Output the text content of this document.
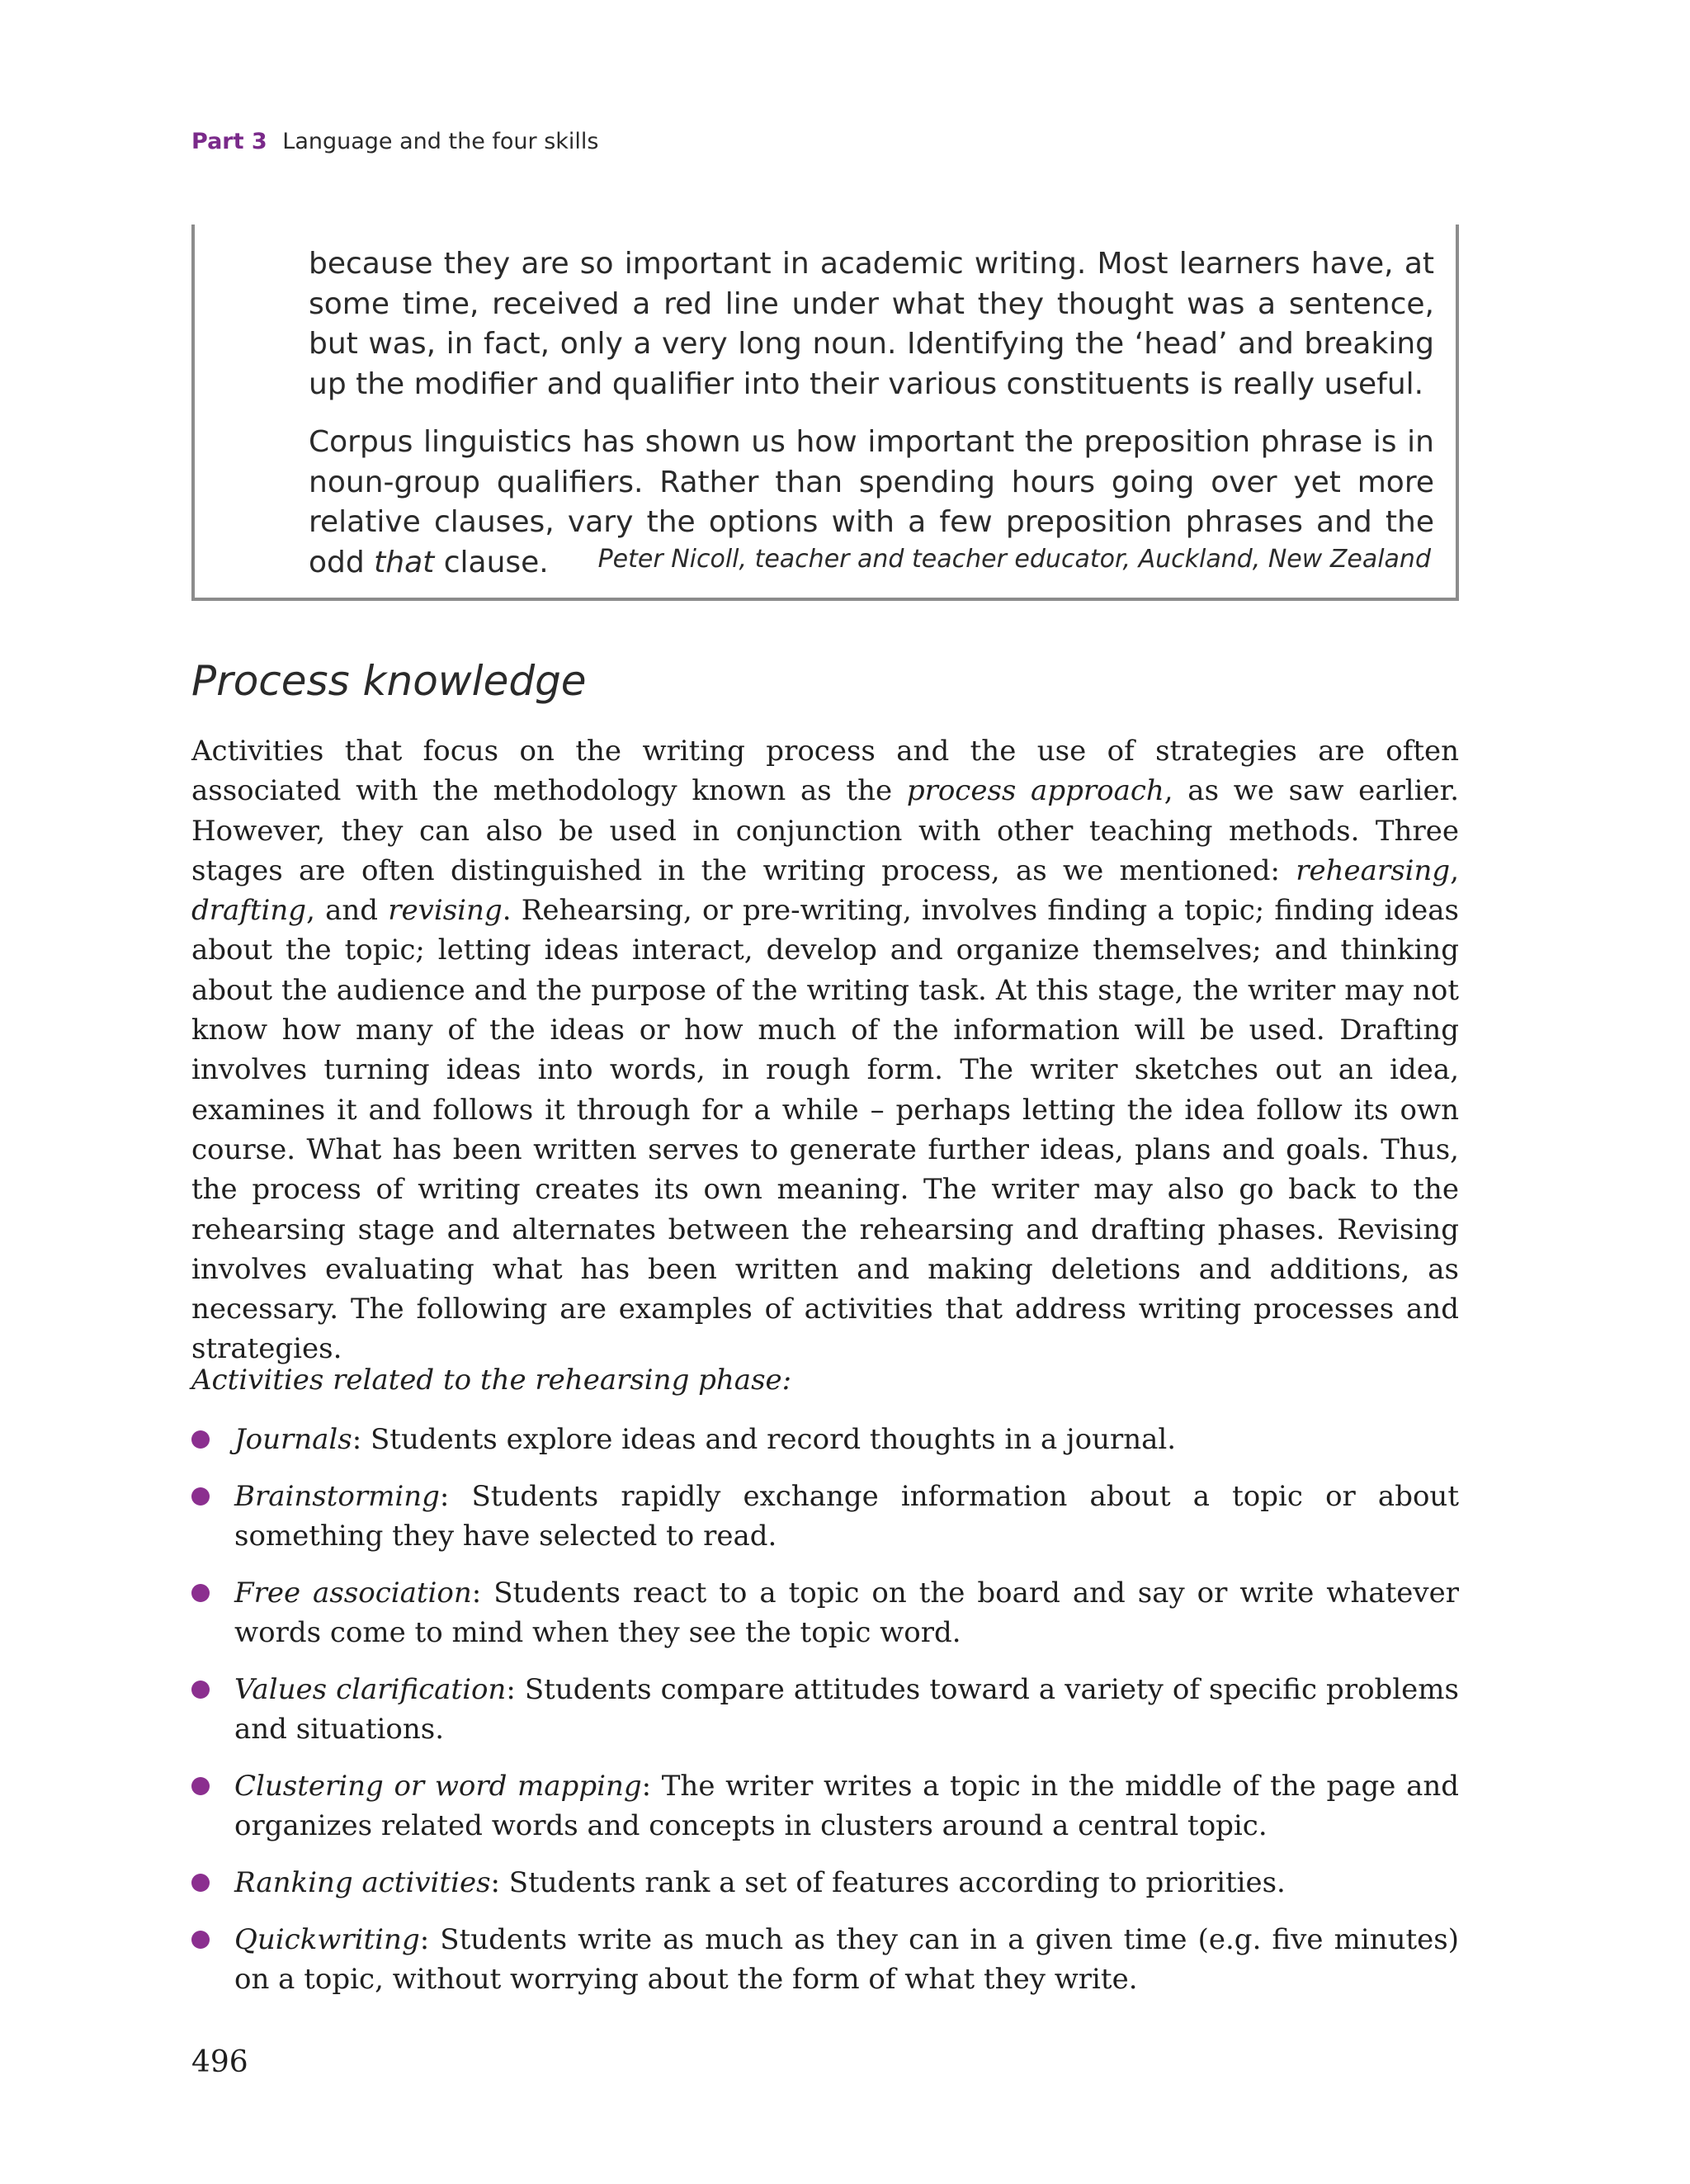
Part 3 Language and the four skills

because they are so important in academic writing. Most learners have, at some time, received a red line under what they thought was a sentence, but was, in fact, only a very long noun. Identifying the ‘head’ and breaking up the modifier and qualifier into their various constituents is really useful.

Corpus linguistics has shown us how important the preposition phrase is in noun-group qualifiers. Rather than spending hours going over yet more relative clauses, vary the options with a few preposition phrases and the odd that clause.	Peter Nicoll, teacher and teacher educator, Auckland, New Zealand
Process knowledge

Activities that focus on the writing process and the use of strategies are often associated with the methodology known as the process approach, as we saw earlier. However, they can also be used in conjunction with other teaching methods. Three stages are often distinguished in the writing process, as we mentioned: rehearsing, drafting, and revising. Rehearsing, or pre-writing, involves finding a topic; finding ideas about the topic; letting ideas interact, develop and organize themselves; and thinking about the audience and the purpose of the writing task. At this stage, the writer may not know how many of the ideas or how much of the information will be used. Drafting involves turning ideas into words, in rough form. The writer sketches out an idea, examines it and follows it through for a while – perhaps letting the idea follow its own course. What has been written serves to generate further ideas, plans and goals. Thus, the process of writing creates its own meaning. The writer may also go back to the rehearsing stage and alternates between the rehearsing and drafting phases. Revising involves evaluating what has been written and making deletions and additions, as necessary. The following are examples of activities that address writing processes and strategies.

Activities related to the rehearsing phase:

Journals: Students explore ideas and record thoughts in a journal.
Brainstorming: Students rapidly exchange information about a topic or about something they have selected to read.
Free association: Students react to a topic on the board and say or write whatever words come to mind when they see the topic word.
Values clarification: Students compare attitudes toward a variety of specific problems and situations.
Clustering or word mapping: The writer writes a topic in the middle of the page and organizes related words and concepts in clusters around a central topic.
Ranking activities: Students rank a set of features according to priorities.
Quickwriting: Students write as much as they can in a given time (e.g. five minutes) on a topic, without worrying about the form of what they write.
496
